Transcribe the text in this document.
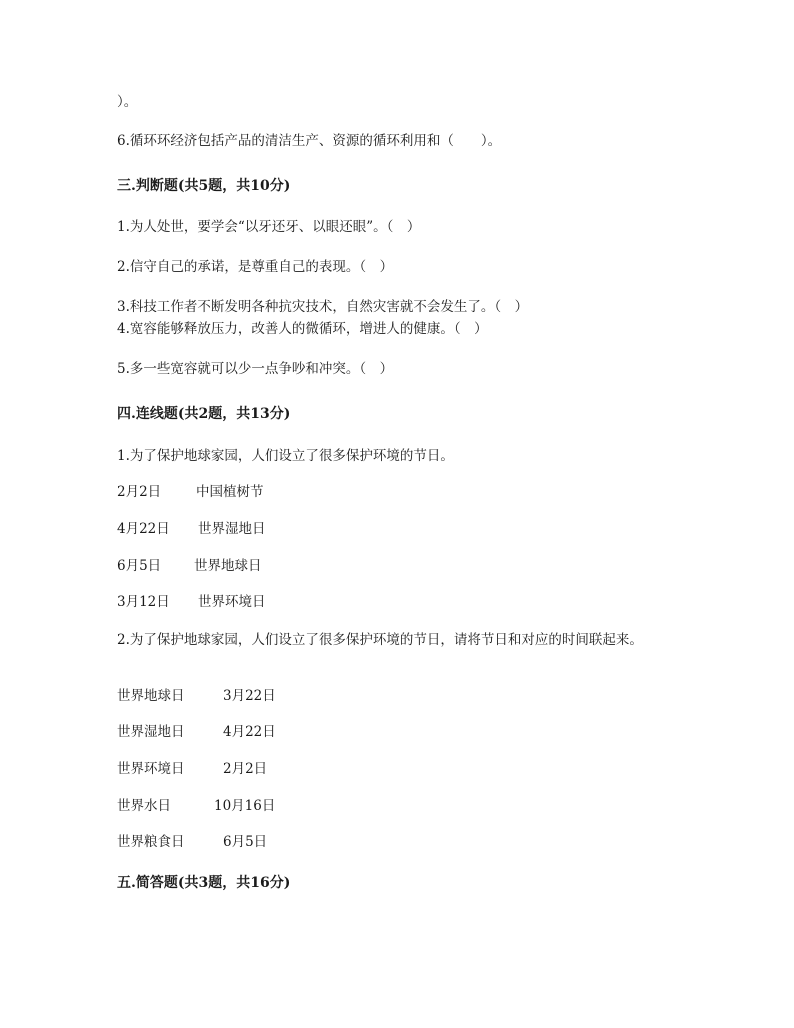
）。
6.循环环经济包括产品的清洁生产、资源的循环利用和（　　）。
三.判断题(共5题，共10分)
1.为人处世，要学会“以牙还牙、以眼还眼”。（　）
2.信守自己的承诺，是尊重自己的表现。（　）
3.科技工作者不断发明各种抗灾技术，自然灾害就不会发生了。（　）
4.宽容能够释放压力，改善人的微循环，增进人的健康。（　）
5.多一些宽容就可以少一点争吵和冲突。（　）
四.连线题(共2题，共13分)
1.为了保护地球家园，人们设立了很多保护环境的节日。
2月2日	中国植树节
4月22日 世界湿地日
6月5日 世界地球日
3月12日 世界环境日
2.为了保护地球家园，人们设立了很多保护环境的节日，请将节日和对应的时间联起来。
世界地球日	3月22日
世界湿地日	4月22日
世界环境日	2月2日
世界水日	10月16日
世界粮食日	6月5日
五.简答题(共3题，共16分)
